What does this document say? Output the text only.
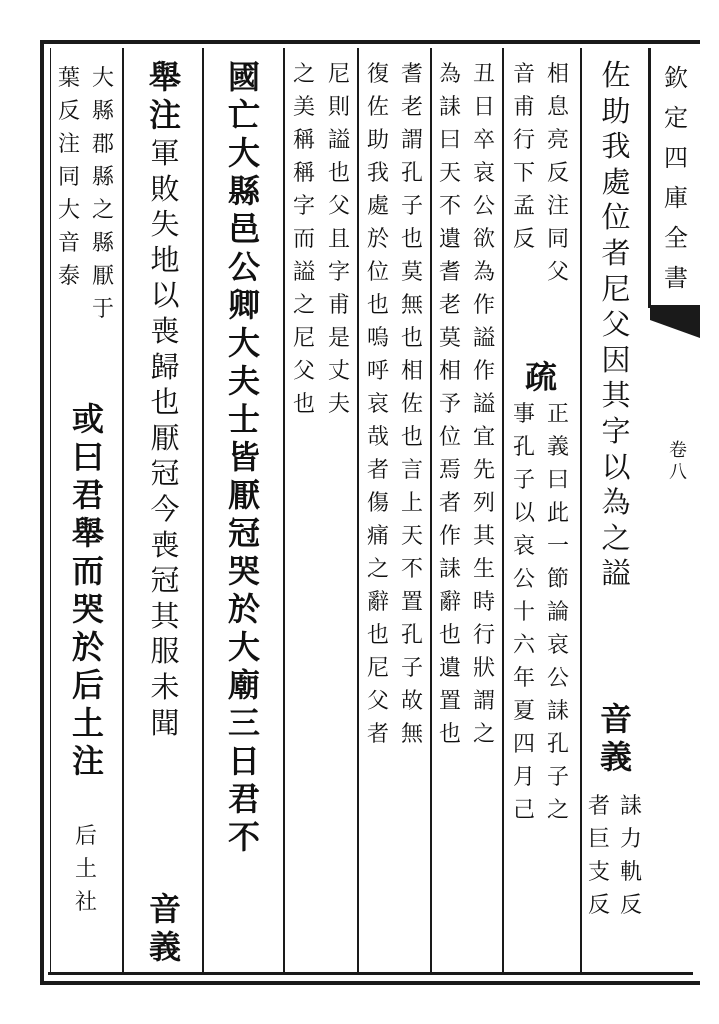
欽
定
四
庫
全
書
卷
八
佐
助
我
處
位
者
尼
父
因
其
字
以
為
之
謚
音
義
誄
力
軌
反
者
巨
支
反
相
息
亮
反
注
同
父
音
甫
行
下
孟
反
疏
正
義
曰
此
一
節
論
哀
公
誄
孔
子
之
事
孔
子
以
哀
公
十
六
年
夏
四
月
己
丑
日
卒
哀
公
欲
為
作
謚
作
謚
宜
先
列
其
生
時
行
狀
謂
之
為
誄
曰
天
不
遺
耆
老
莫
相
予
位
焉
者
作
誄
辭
也
遺
置
也
耆
老
謂
孔
子
也
莫
無
也
相
佐
也
言
上
天
不
置
孔
子
故
無
復
佐
助
我
處
於
位
也
嗚
呼
哀
哉
者
傷
痛
之
辭
也
尼
父
者
尼
則
謚
也
父
且
字
甫
是
丈
夫
之
美
稱
稱
字
而
謚
之
尼
父
也
國
亡
大
縣
邑
公
卿
大
夫
士
皆
厭
冠
哭
於
大
廟
三
日
君
不
舉
注
軍
敗
失
地
以
喪
歸
也
厭
冠
今
喪
冠
其
服
未
聞
音
義
大
縣
郡
縣
之
縣
厭
于
葉
反
注
同
大
音
泰
或
曰
君
舉
而
哭
於
后
土
注
后
土
社
